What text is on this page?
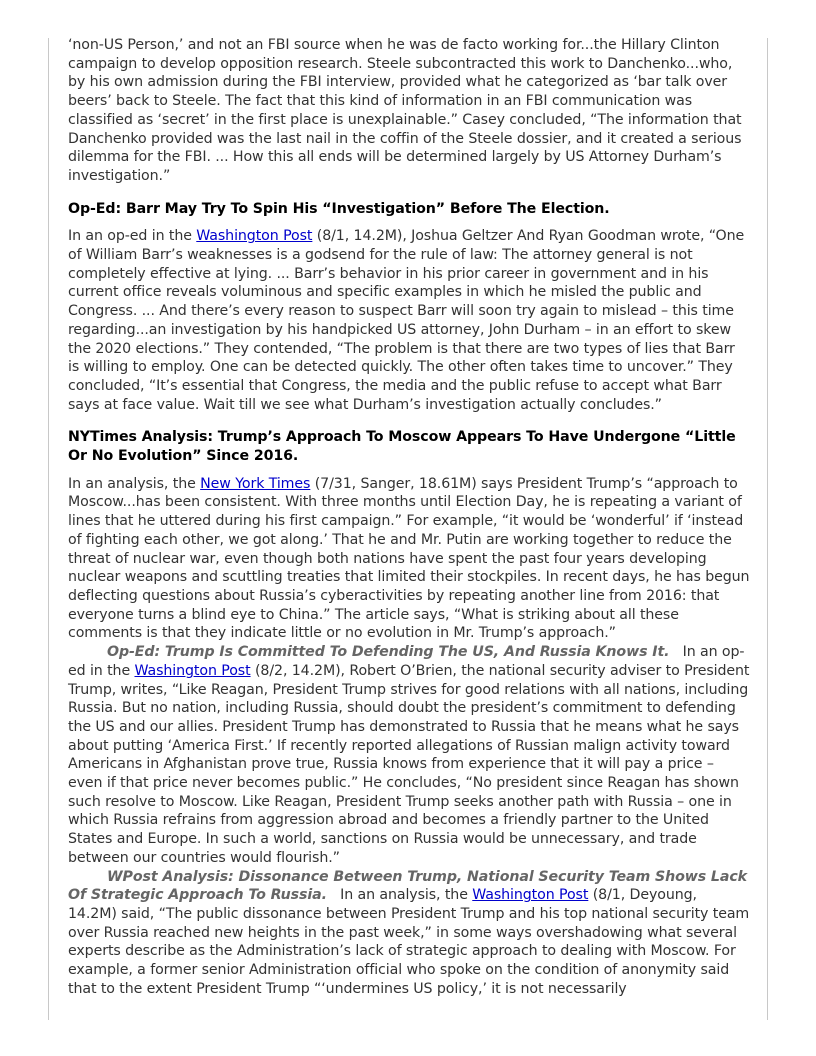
‘non-US Person,’ and not an FBI source when he was de facto working for...the Hillary Clinton campaign to develop opposition research. Steele subcontracted this work to Danchenko...who, by his own admission during the FBI interview, provided what he categorized as ‘bar talk over beers’ back to Steele. The fact that this kind of information in an FBI communication was classified as ‘secret’ in the first place is unexplainable.” Casey concluded, “The information that Danchenko provided was the last nail in the coffin of the Steele dossier, and it created a serious dilemma for the FBI. ... How this all ends will be determined largely by US Attorney Durham’s investigation.”

Op-Ed: Barr May Try To Spin His “Investigation” Before The Election.

In an op-ed in the Washington Post (8/1, 14.2M), Joshua Geltzer And Ryan Goodman wrote, “One of William Barr’s weaknesses is a godsend for the rule of law: The attorney general is not completely effective at lying. ... Barr’s behavior in his prior career in government and in his current office reveals voluminous and specific examples in which he misled the public and Congress. ... And there’s every reason to suspect Barr will soon try again to mislead – this time regarding...an investigation by his handpicked US attorney, John Durham – in an effort to skew the 2020 elections.” They contended, “The problem is that there are two types of lies that Barr is willing to employ. One can be detected quickly. The other often takes time to uncover.” They concluded, “It’s essential that Congress, the media and the public refuse to accept what Barr says at face value. Wait till we see what Durham’s investigation actually concludes.”

NYTimes Analysis: Trump’s Approach To Moscow Appears To Have Undergone “Little Or No Evolution” Since 2016.

In an analysis, the New York Times (7/31, Sanger, 18.61M) says President Trump’s “approach to Moscow...has been consistent. With three months until Election Day, he is repeating a variant of lines that he uttered during his first campaign.” For example, “it would be ‘wonderful’ if ‘instead of fighting each other, we got along.’ That he and Mr. Putin are working together to reduce the threat of nuclear war, even though both nations have spent the past four years developing nuclear weapons and scuttling treaties that limited their stockpiles. In recent days, he has begun deflecting questions about Russia’s cyberactivities by repeating another line from 2016: that everyone turns a blind eye to China.” The article says, “What is striking about all these comments is that they indicate little or no evolution in Mr. Trump’s approach.”

Op-Ed: Trump Is Committed To Defending The US, And Russia Knows It.   In an op-ed in the Washington Post (8/2, 14.2M), Robert O’Brien, the national security adviser to President Trump, writes, “Like Reagan, President Trump strives for good relations with all nations, including Russia. But no nation, including Russia, should doubt the president’s commitment to defending the US and our allies. President Trump has demonstrated to Russia that he means what he says about putting ‘America First.’ If recently reported allegations of Russian malign activity toward Americans in Afghanistan prove true, Russia knows from experience that it will pay a price – even if that price never becomes public.” He concludes, “No president since Reagan has shown such resolve to Moscow. Like Reagan, President Trump seeks another path with Russia – one in which Russia refrains from aggression abroad and becomes a friendly partner to the United States and Europe. In such a world, sanctions on Russia would be unnecessary, and trade between our countries would flourish.”

WPost Analysis: Dissonance Between Trump, National Security Team Shows Lack Of Strategic Approach To Russia.   In an analysis, the Washington Post (8/1, Deyoung, 14.2M) said, “The public dissonance between President Trump and his top national security team over Russia reached new heights in the past week,” in some ways overshadowing what several experts describe as the Administration’s lack of strategic approach to dealing with Moscow. For example, a former senior Administration official who spoke on the condition of anonymity said that to the extent President Trump “‘undermines US policy,’ it is not necessarily
